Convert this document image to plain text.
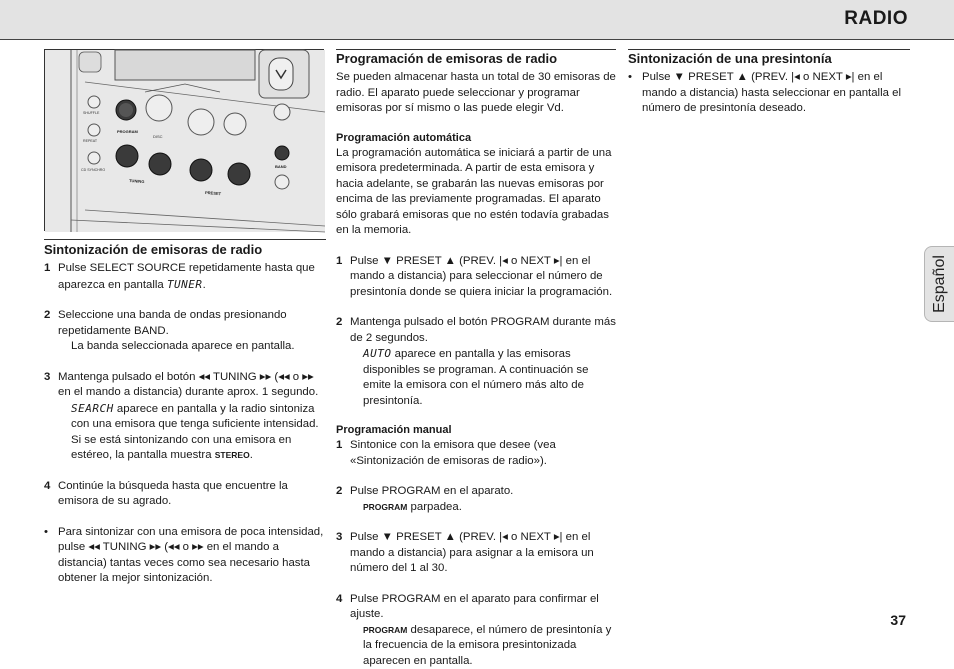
RADIO
Español
SHUFFLE
REPEAT
CD SYNCHRO
PROGRAM
DISC
BAND
TUNING
PRESET
Sintonización de emisoras de radio
1 Pulse SELECT SOURCE repetidamente hasta que aparezca en pantalla TUNER.
2 Seleccione una banda de ondas presionando repetidamente BAND.
La banda seleccionada aparece en pantalla.
3 Mantenga pulsado el botón ◂◂ TUNING ▸▸ (◂◂ o ▸▸ en el mando a distancia) durante aprox. 1 segundo.
SEARCH aparece en pantalla y la radio sintoniza con una emisora que tenga suficiente intensidad. Si se está sintonizando con una emisora en estéreo, la pantalla muestra STEREO.
4 Continúe la búsqueda hasta que encuentre la emisora de su agrado.
• Para sintonizar con una emisora de poca intensidad, pulse ◂◂ TUNING ▸▸ (◂◂ o ▸▸ en el mando a distancia) tantas veces como sea necesario hasta obtener la mejor sintonización.
Programación de emisoras de radio

Se pueden almacenar hasta un total de 30 emisoras de radio. El aparato puede seleccionar y programar emisoras por sí mismo o las puede elegir Vd.

Programación automática

La programación automática se iniciará a partir de una emisora predeterminada. A partir de esta emisora y hacia adelante, se grabarán las nuevas emisoras por encima de las previamente programadas. El aparato sólo grabará emisoras que no estén todavía grabadas en la memoria.

1 Pulse ▼ PRESET ▲ (PREV. |◂ o NEXT ▸| en el mando a distancia) para seleccionar el número de presintonía donde se quiera iniciar la programación.
2 Mantenga pulsado el botón PROGRAM durante más de 2 segundos.
AUTO aparece en pantalla y las emisoras disponibles se programan. A continuación se emite la emisora con el número más alto de presintonía.
Programación manual
1 Sintonice con la emisora que desee (vea «Sintonización de emisoras de radio»).
2 Pulse PROGRAM en el aparato.
PROGRAM parpadea.
3 Pulse ▼ PRESET ▲ (PREV. |◂ o NEXT ▸| en el mando a distancia) para asignar a la emisora un número del 1 al 30.
4 Pulse PROGRAM en el aparato para confirmar el ajuste.
PROGRAM desaparece, el número de presintonía y la frecuencia de la emisora presintonizada aparecen en pantalla.
Sintonización de una presintonía
• Pulse ▼ PRESET ▲ (PREV. |◂ o NEXT ▸| en el mando a distancia) hasta seleccionar en pantalla el número de presintonía deseado.
37
